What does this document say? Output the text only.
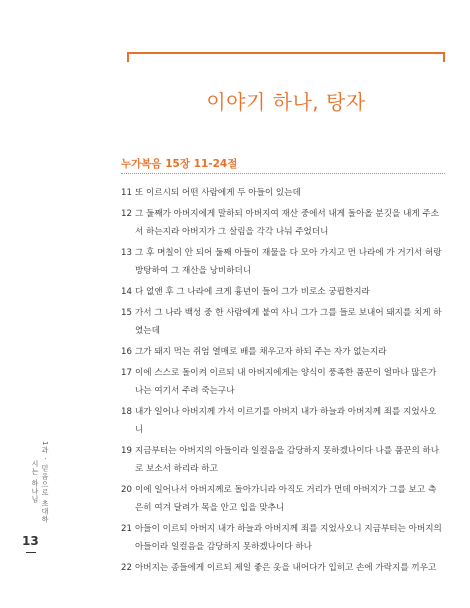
이야기 하나, 탕자
누가복음 15장 11-24절
11 또 이르시되 어떤 사람에게 두 아들이 있는데
12 그 둘째가 아버지에게 말하되 아버지여 재산 중에서 내게 돌아올 분깃을 내게 주소서 하는지라 아버지가 그 살림을 각각 나눠 주었더니
13 그 후 며칠이 안 되어 둘째 아들이 재물을 다 모아 가지고 먼 나라에 가 거기서 허랑방탕하여 그 재산을 낭비하더니
14 다 없앤 후 그 나라에 크게 흉년이 들어 그가 비로소 궁핍한지라
15 가서 그 나라 백성 중 한 사람에게 붙여 사니 그가 그를 들로 보내어 돼지를 치게 하였는데
16 그가 돼지 먹는 쥐엄 열매로 배를 채우고자 하되 주는 자가 없는지라
17 이에 스스로 돌이켜 이르되 내 아버지에게는 양식이 풍족한 품꾼이 얼마나 많은가 나는 여기서 주려 죽는구나
18 내가 일어나 아버지께 가서 이르기를 아버지 내가 하늘과 아버지께 죄를 지었사오니
19 지금부터는 아버지의 아들이라 일컬음을 감당하지 못하겠나이다 나를 품꾼의 하나로 보소서 하리라 하고
20 이에 일어나서 아버지께로 돌아가니라 아직도 거리가 먼데 아버지가 그를 보고 측은히 여겨 달려가 목을 안고 입을 맞추니
21 아들이 이르되 아버지 내가 하늘과 아버지께 죄를 지었사오니 지금부터는 아버지의 아들이라 일컬음을 감당하지 못하겠나이다 하나
22 아버지는 종들에게 이르되 제일 좋은 옷을 내어다가 입히고 손에 가락지를 끼우고
1과 · 믿음으로 초대하시는 하나님
13
